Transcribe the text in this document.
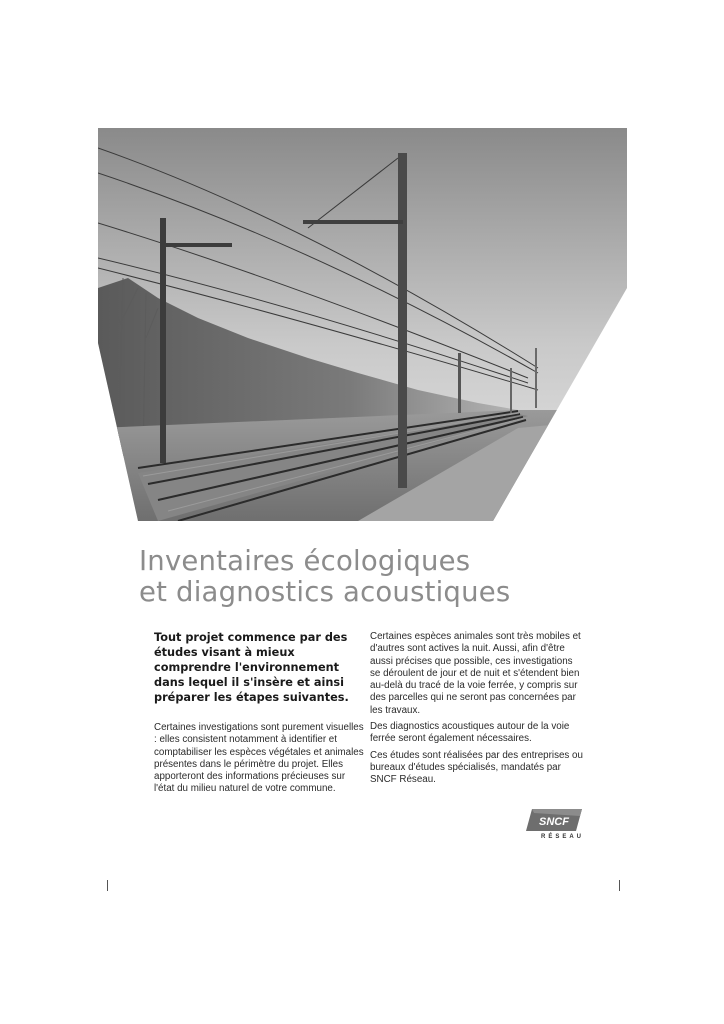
Inventaires écologiques
et diagnostics acoustiques

Tout projet commence par des études visant à mieux comprendre l'environnement dans lequel il s'insère et ainsi préparer les étapes suivantes.

Certaines investigations sont purement visuelles : elles consistent notamment à identifier et comptabiliser les espèces végétales et animales présentes dans le périmètre du projet. Elles apporteront des informations précieuses sur l'état du milieu naturel de votre commune.

Certaines espèces animales sont très mobiles et d'autres sont actives la nuit. Aussi, afin d'être aussi précises que possible, ces investigations se déroulent de jour et de nuit et s'étendent bien au-delà du tracé de la voie ferrée, y compris sur des parcelles qui ne seront pas concernées par les travaux.

Des diagnostics acoustiques autour de la voie ferrée seront également nécessaires.

Ces études sont réalisées par des entreprises ou bureaux d'études spécialisés, mandatés par SNCF Réseau.

SNCF
RÉSEAU
